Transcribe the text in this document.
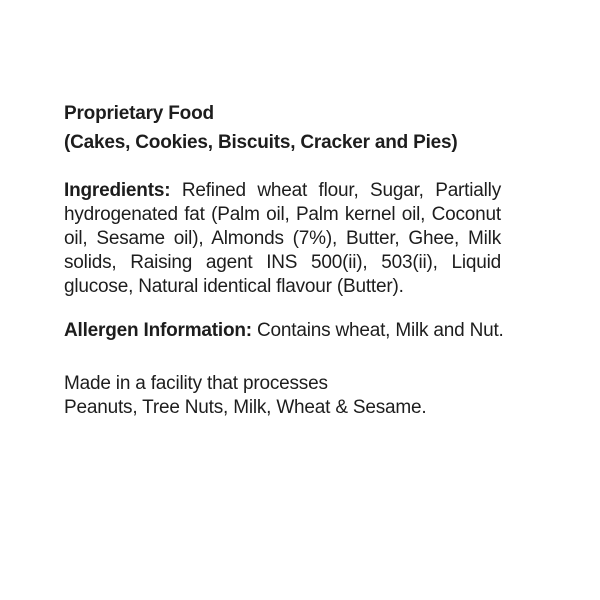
Proprietary Food
(Cakes, Cookies, Biscuits, Cracker and Pies)
Ingredients: Refined wheat flour, Sugar, Partially
hydrogenated fat (Palm oil, Palm kernel oil, Coconut
oil, Sesame oil), Almonds (7%), Butter, Ghee, Milk
solids, Raising agent INS 500(ii), 503(ii), Liquid
glucose, Natural identical flavour (Butter).
Allergen Information: Contains wheat, Milk and Nut.
Made in a facility that processes
Peanuts, Tree Nuts, Milk, Wheat & Sesame.
